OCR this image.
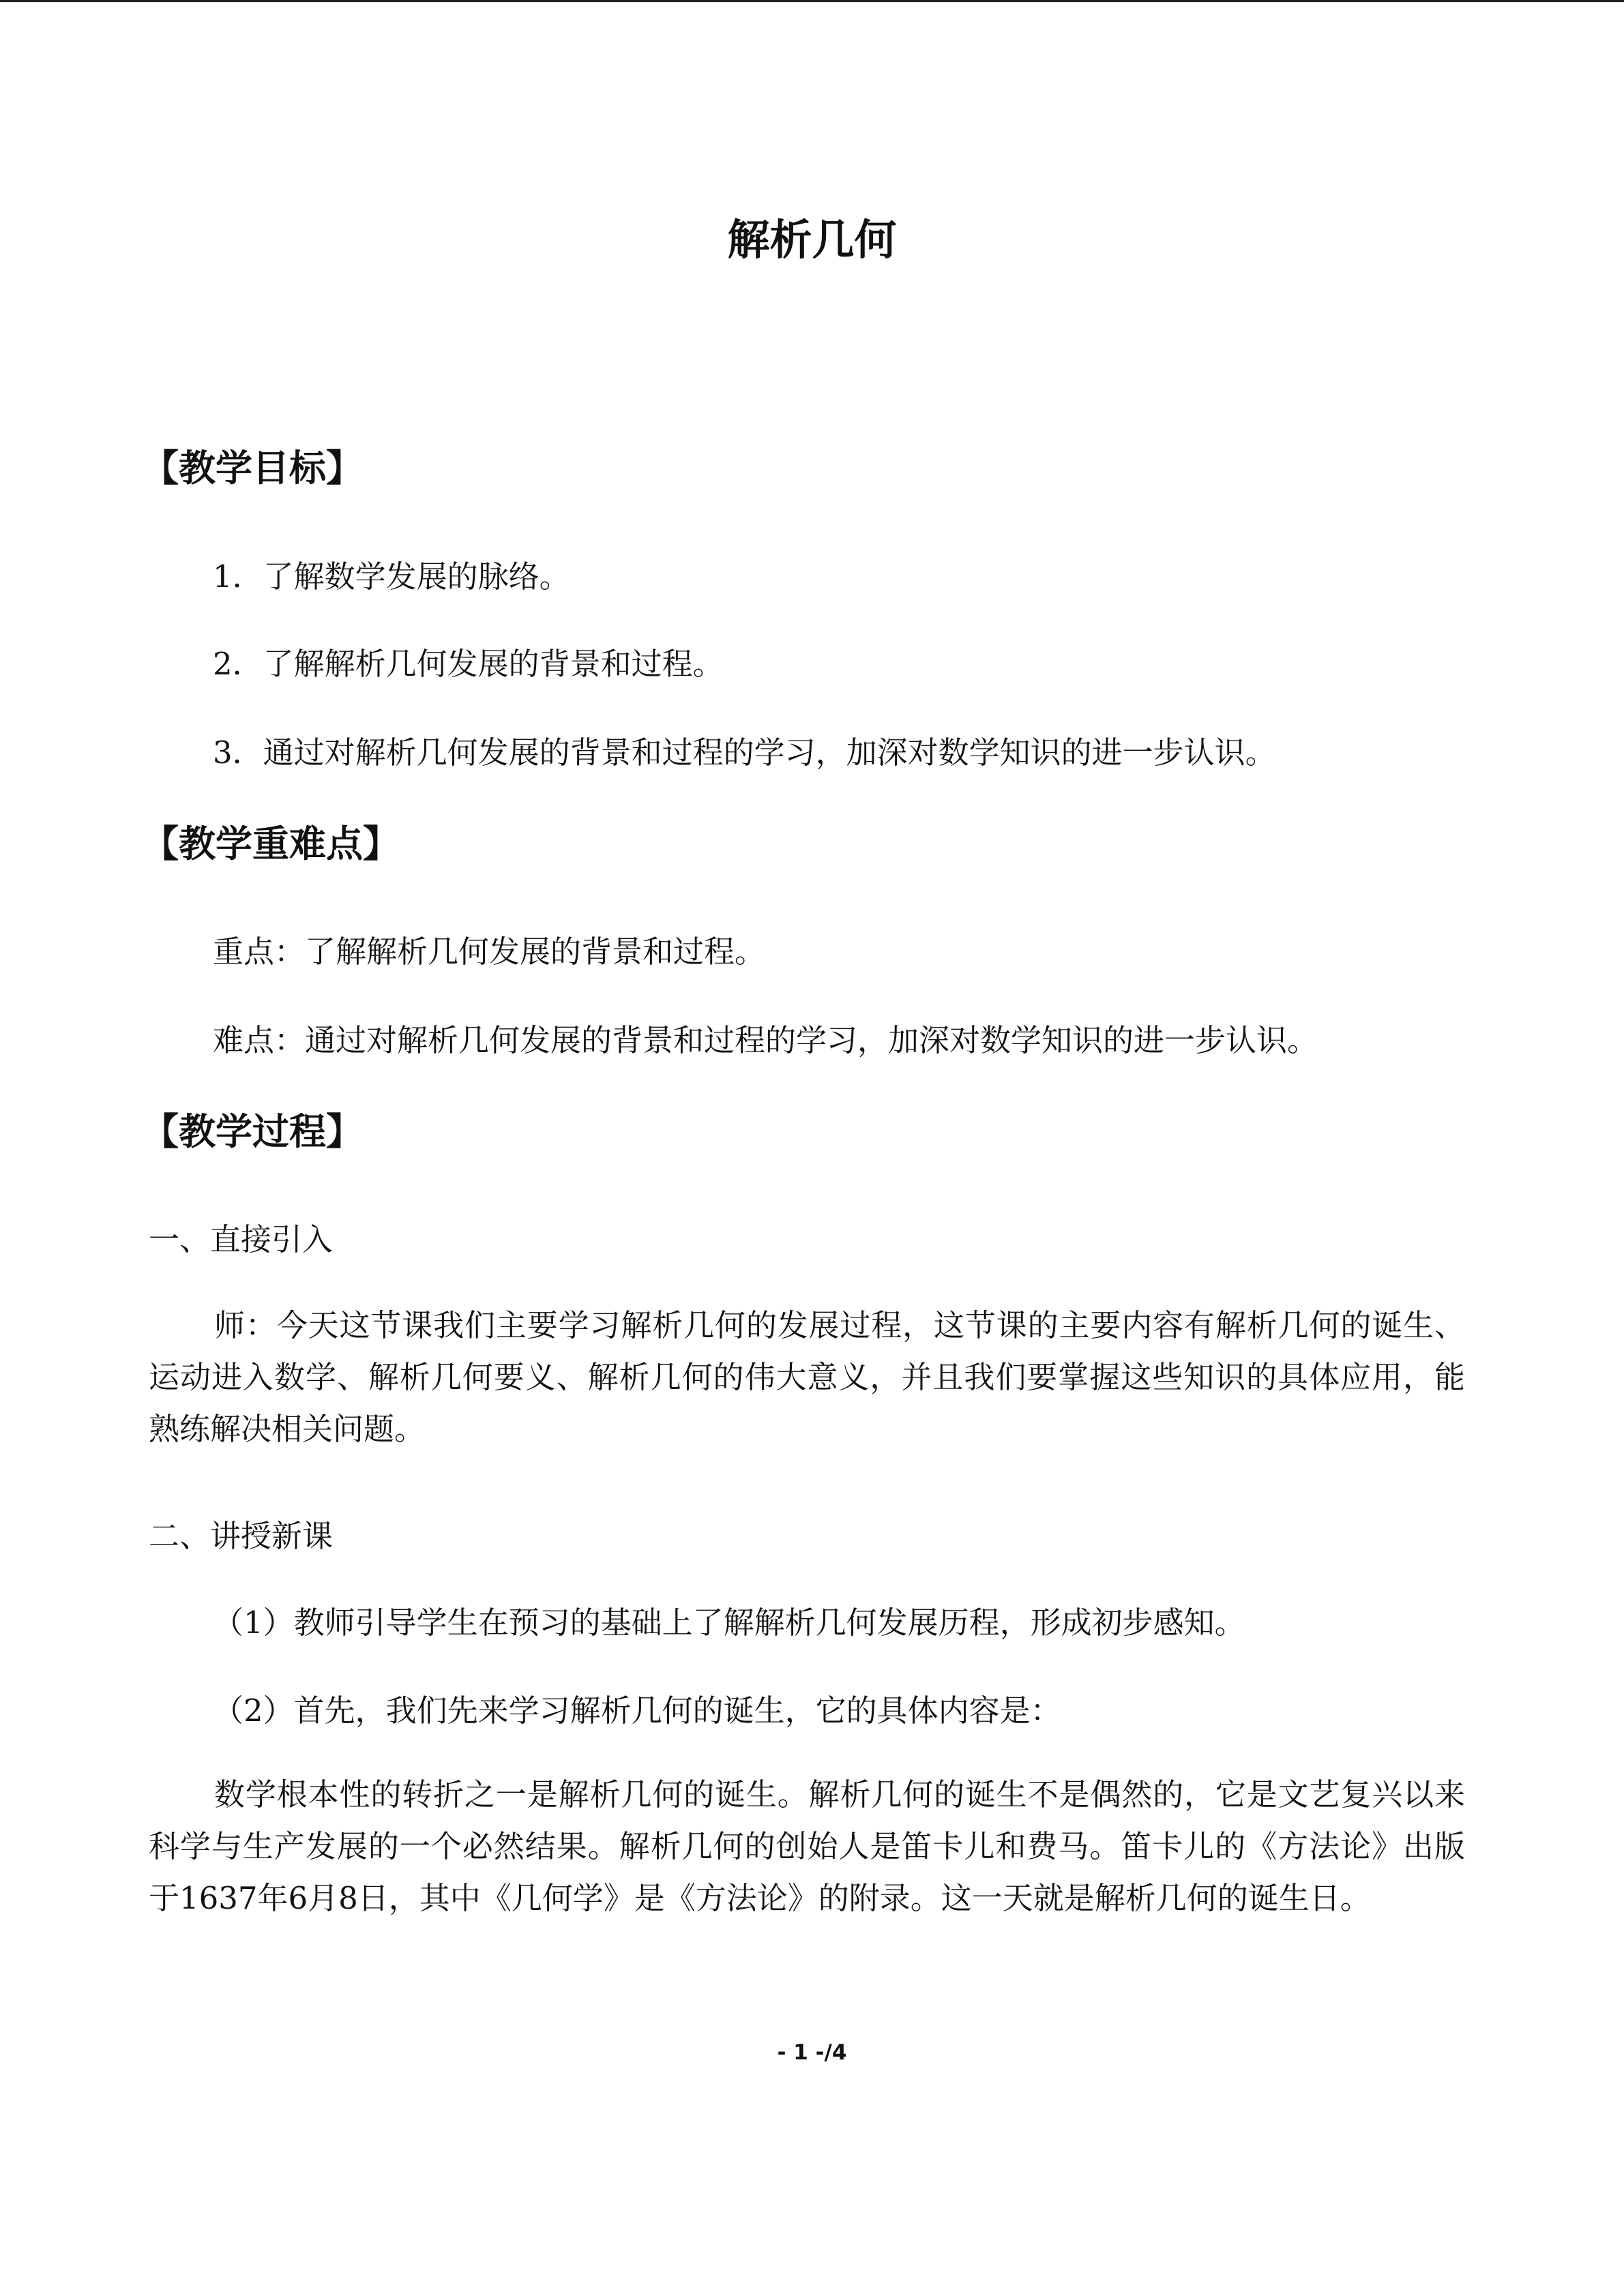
解析几何
【教学目标】

1．了解数学发展的脉络。

2．了解解析几何发展的背景和过程。

3．通过对解析几何发展的背景和过程的学习，加深对数学知识的进一步认识。

【教学重难点】

重点：了解解析几何发展的背景和过程。

难点：通过对解析几何发展的背景和过程的学习，加深对数学知识的进一步认识。

【教学过程】

一、直接引入

师：今天这节课我们主要学习解析几何的发展过程，这节课的主要内容有解析几何的诞生、运动进入数学、解析几何要义、解析几何的伟大意义，并且我们要掌握这些知识的具体应用，能熟练解决相关问题。

二、讲授新课

（1）教师引导学生在预习的基础上了解解析几何发展历程，形成初步感知。

（2）首先，我们先来学习解析几何的诞生，它的具体内容是：

数学根本性的转折之一是解析几何的诞生。解析几何的诞生不是偶然的，它是文艺复兴以来科学与生产发展的一个必然结果。解析几何的创始人是笛卡儿和费马。笛卡儿的《方法论》出版于1637年6月8日，其中《几何学》是《方法论》的附录。这一天就是解析几何的诞生日。

- 1 -/4
